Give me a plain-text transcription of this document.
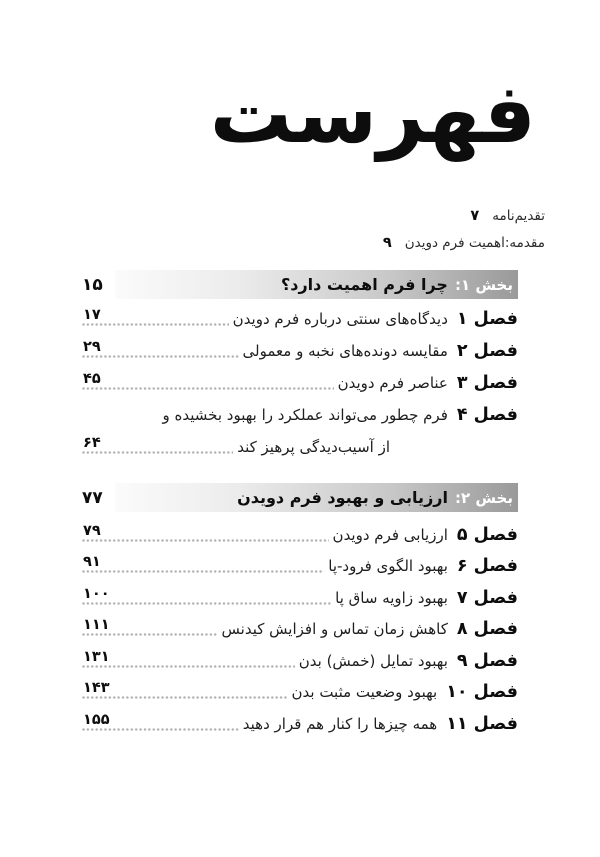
فهرست
تقدیم‌نامه
۷
مقدمه:اهمیت فرم دویدن
۹
بخش ۱:
چرا فرم اهمیت دارد؟
۱۵
فصل ۱
دیدگاه‌های سنتی درباره فرم دویدن
۱۷
فصل ۲
مقایسه دونده‌های نخبه و معمولی
۲۹
فصل ۳
عناصر فرم دویدن
۴۵
فصل ۴
فرم چطور می‌تواند عملکرد را بهبود بخشیده و
از آسیب‌دیدگی پرهیز کند
۶۴
بخش ۲:
ارزیابی و بهبود فرم دویدن
۷۷
فصل ۵
ارزیابی فرم دویدن
۷۹
فصل ۶
بهبود الگوی فرود-پا
۹۱
فصل ۷
بهبود زاویه ساق پا
۱۰۰
فصل ۸
کاهش زمان تماس و افزایش کیدنس
۱۱۱
فصل ۹
بهبود تمایل (خمش) بدن
۱۳۱
فصل ۱۰
بهبود وضعیت مثبت بدن
۱۴۳
فصل ۱۱
همه چیزها را کنار هم قرار دهید
۱۵۵
